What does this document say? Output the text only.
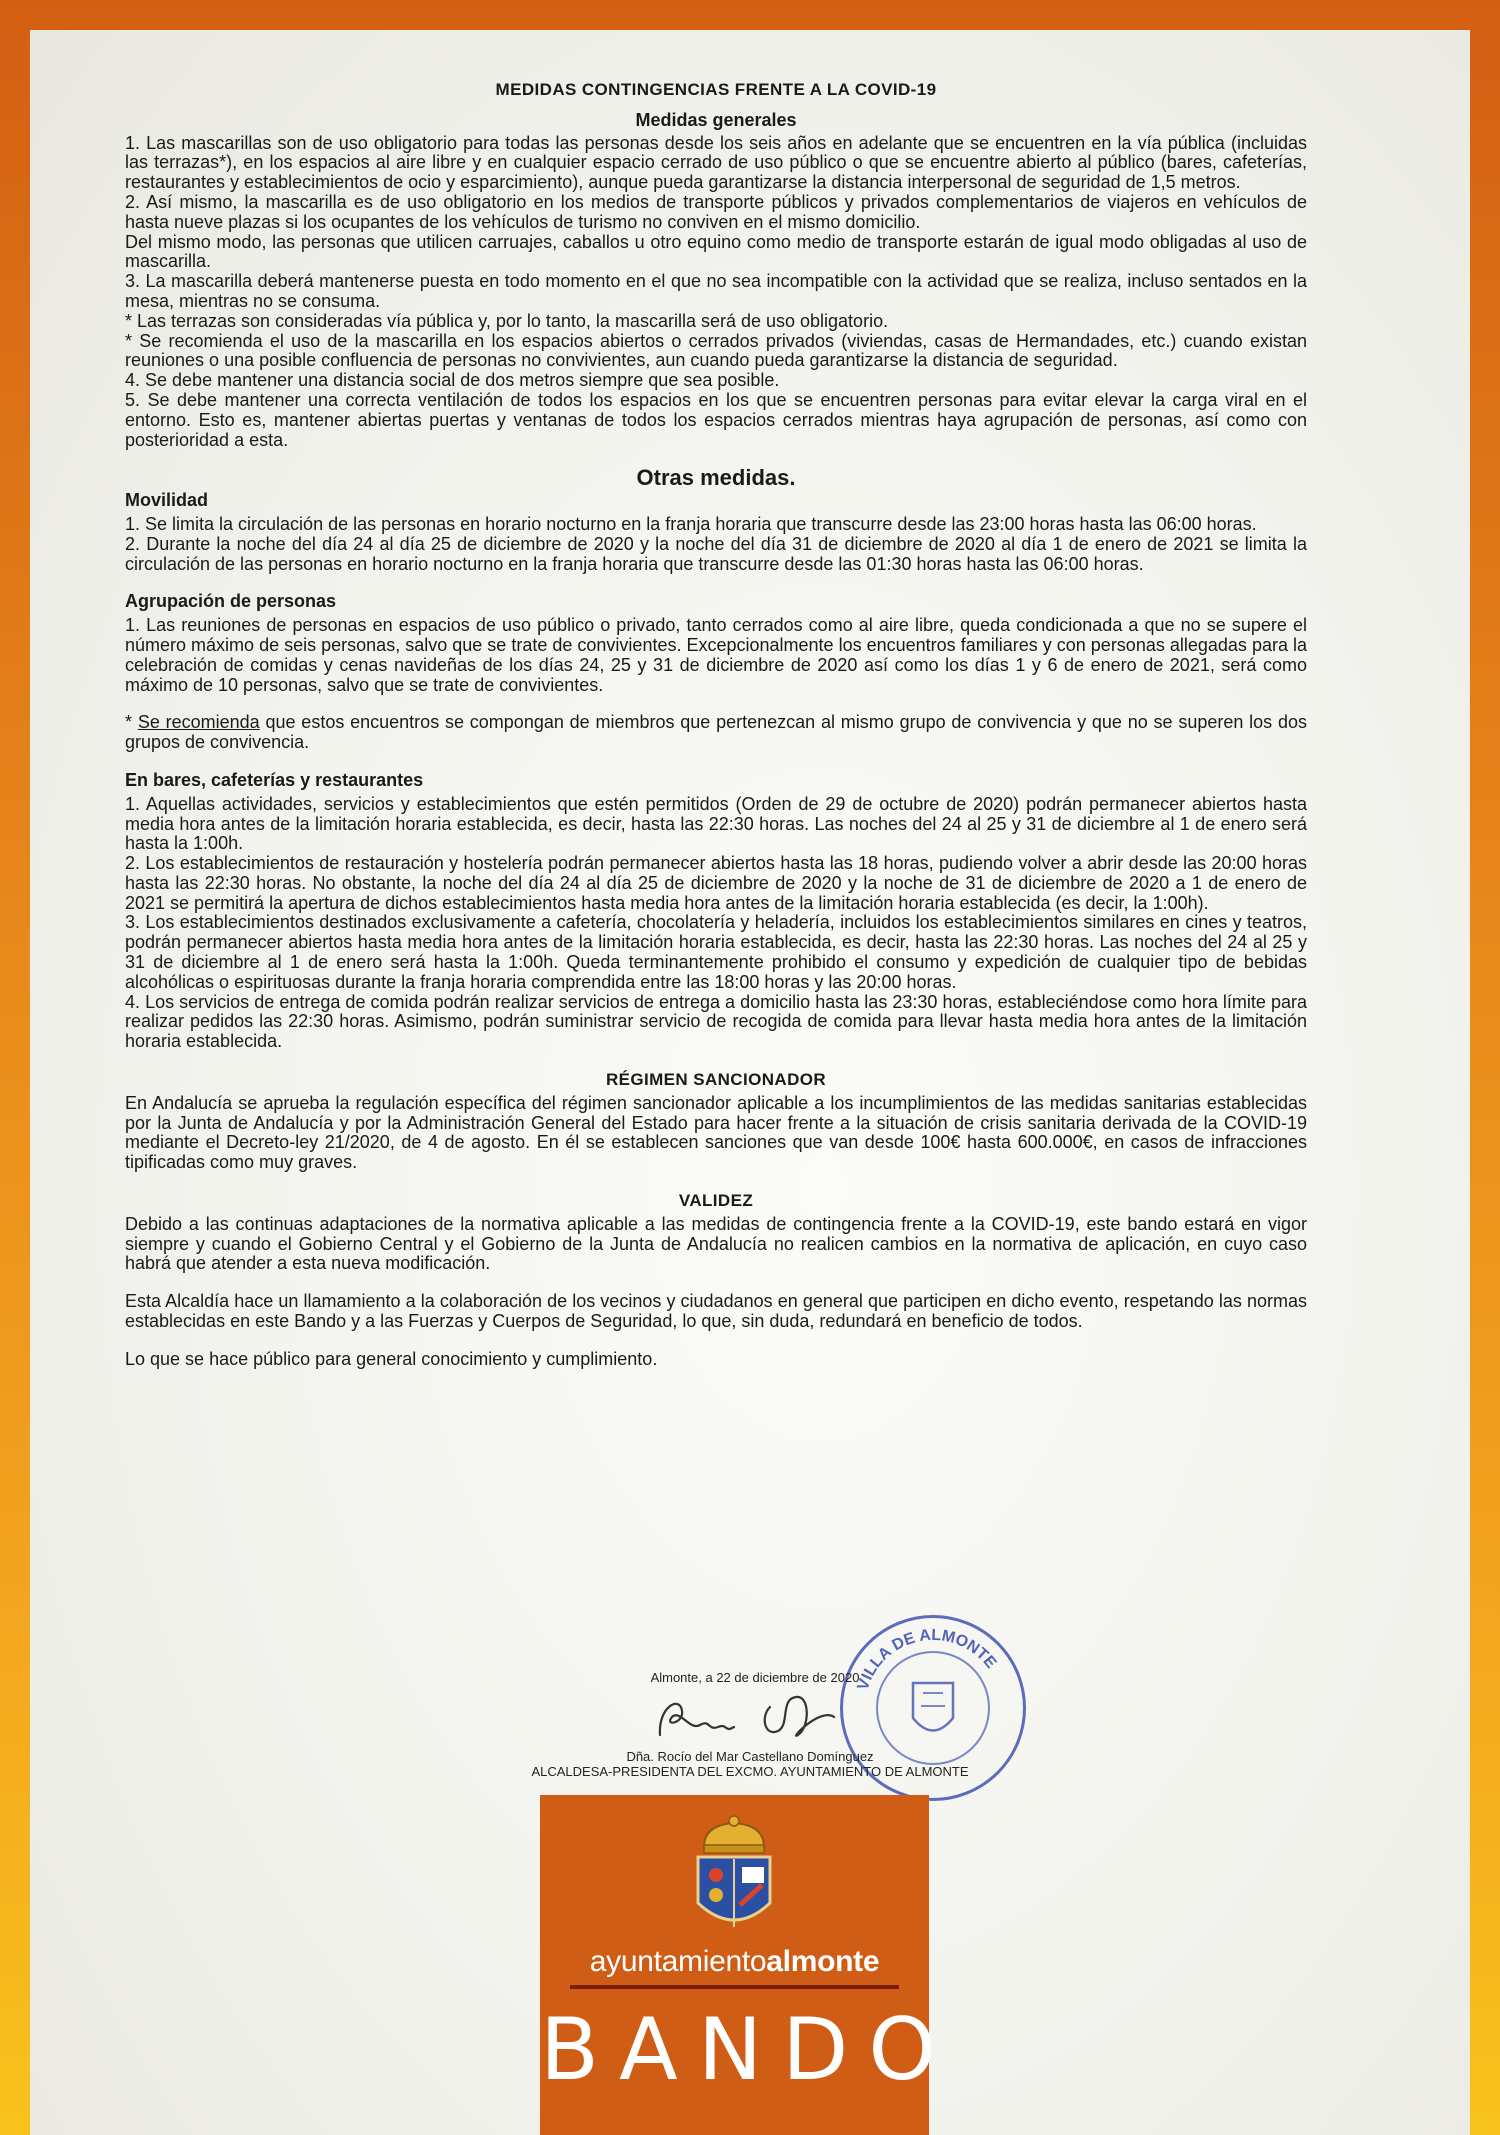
MEDIDAS CONTINGENCIAS FRENTE A LA COVID-19
Medidas generales

1. Las mascarillas son de uso obligatorio para todas las personas desde los seis años en adelante que se encuentren en la vía pública (incluidas las terrazas*), en los espacios al aire libre y en cualquier espacio cerrado de uso público o que se encuentre abierto al público (bares, cafeterías, restaurantes y establecimientos de ocio y esparcimiento), aunque pueda garantizarse la distancia interpersonal de seguridad de 1,5 metros.

2. Así mismo, la mascarilla es de uso obligatorio en los medios de transporte públicos y privados complementarios de viajeros en vehículos de hasta nueve plazas si los ocupantes de los vehículos de turismo no conviven en el mismo domicilio.

Del mismo modo, las personas que utilicen carruajes, caballos u otro equino como medio de transporte estarán de igual modo obligadas al uso de mascarilla.

3. La mascarilla deberá mantenerse puesta en todo momento en el que no sea incompatible con la actividad que se realiza, incluso sentados en la mesa, mientras no se consuma.

* Las terrazas son consideradas vía pública y, por lo tanto, la mascarilla será de uso obligatorio.

* Se recomienda el uso de la mascarilla en los espacios abiertos o cerrados privados (viviendas, casas de Hermandades, etc.) cuando existan reuniones o una posible confluencia de personas no convivientes, aun cuando pueda garantizarse la distancia de seguridad.

4. Se debe mantener una distancia social de dos metros siempre que sea posible.

5. Se debe mantener una correcta ventilación de todos los espacios en los que se encuentren personas para evitar elevar la carga viral en el entorno. Esto es, mantener abiertas puertas y ventanas de todos los espacios cerrados mientras haya agrupación de personas, así como con posterioridad a esta.

Otras medidas.
Movilidad

1. Se limita la circulación de las personas en horario nocturno en la franja horaria que transcurre desde las 23:00 horas hasta las 06:00 horas.

2. Durante la noche del día 24 al día 25 de diciembre de 2020 y la noche del día 31 de diciembre de 2020 al día 1 de enero de 2021 se limita la circulación de las personas en horario nocturno en la franja horaria que transcurre desde las 01:30 horas hasta las 06:00 horas.

Agrupación de personas

1. Las reuniones de personas en espacios de uso público o privado, tanto cerrados como al aire libre, queda condicionada a que no se supere el número máximo de seis personas, salvo que se trate de convivientes. Excepcionalmente los encuentros familiares y con personas allegadas para la celebración de comidas y cenas navideñas de los días 24, 25 y 31 de diciembre de 2020 así como los días 1 y 6 de enero de 2021, será como máximo de 10 personas, salvo que se trate de convivientes.

* Se recomienda que estos encuentros se compongan de miembros que pertenezcan al mismo grupo de convivencia y que no se superen los dos grupos de convivencia.

En bares, cafeterías y restaurantes

1. Aquellas actividades, servicios y establecimientos que estén permitidos (Orden de 29 de octubre de 2020) podrán permanecer abiertos hasta media hora antes de la limitación horaria establecida, es decir, hasta las 22:30 horas. Las noches del 24 al 25 y 31 de diciembre al 1 de enero será hasta la 1:00h.

2. Los establecimientos de restauración y hostelería podrán permanecer abiertos hasta las 18 horas, pudiendo volver a abrir desde las 20:00 horas hasta las 22:30 horas. No obstante, la noche del día 24 al día 25 de diciembre de 2020 y la noche de 31 de diciembre de 2020 a 1 de enero de 2021 se permitirá la apertura de dichos establecimientos hasta media hora antes de la limitación horaria establecida (es decir, la 1:00h).

3. Los establecimientos destinados exclusivamente a cafetería, chocolatería y heladería, incluidos los establecimientos similares en cines y teatros, podrán permanecer abiertos hasta media hora antes de la limitación horaria establecida, es decir, hasta las 22:30 horas. Las noches del 24 al 25 y 31 de diciembre al 1 de enero será hasta la 1:00h. Queda terminantemente prohibido el consumo y expedición de cualquier tipo de bebidas alcohólicas o espirituosas durante la franja horaria comprendida entre las 18:00 horas y las 20:00 horas.

4. Los servicios de entrega de comida podrán realizar servicios de entrega a domicilio hasta las 23:30 horas, estableciéndose como hora límite para realizar pedidos las 22:30 horas. Asimismo, podrán suministrar servicio de recogida de comida para llevar hasta media hora antes de la limitación horaria establecida.

RÉGIMEN SANCIONADOR

En Andalucía se aprueba la regulación específica del régimen sancionador aplicable a los incumplimientos de las medidas sanitarias establecidas por la Junta de Andalucía y por la Administración General del Estado para hacer frente a la situación de crisis sanitaria derivada de la COVID-19 mediante el Decreto-ley 21/2020, de 4 de agosto. En él se establecen sanciones que van desde 100€ hasta 600.000€, en casos de infracciones tipificadas como muy graves.

VALIDEZ

Debido a las continuas adaptaciones de la normativa aplicable a las medidas de contingencia frente a la COVID-19, este bando estará en vigor siempre y cuando el Gobierno Central y el Gobierno de la Junta de Andalucía no realicen cambios en la normativa de aplicación, en cuyo caso habrá que atender a esta nueva modificación.

Esta Alcaldía hace un llamamiento a la colaboración de los vecinos y ciudadanos en general que participen en dicho evento, respetando las normas establecidas en este Bando y a las Fuerzas y Cuerpos de Seguridad, lo que, sin duda, redundará en beneficio de todos.

Lo que se hace público para general conocimiento y cumplimiento.

VILLA DE ALMONTE
Almonte, a 22 de diciembre de 2020
Dña. Rocío del Mar Castellano Domínguez
ALCALDESA-PRESIDENTA DEL EXCMO. AYUNTAMIENTO DE ALMONTE
ayuntamientoalmonte
BANDO
